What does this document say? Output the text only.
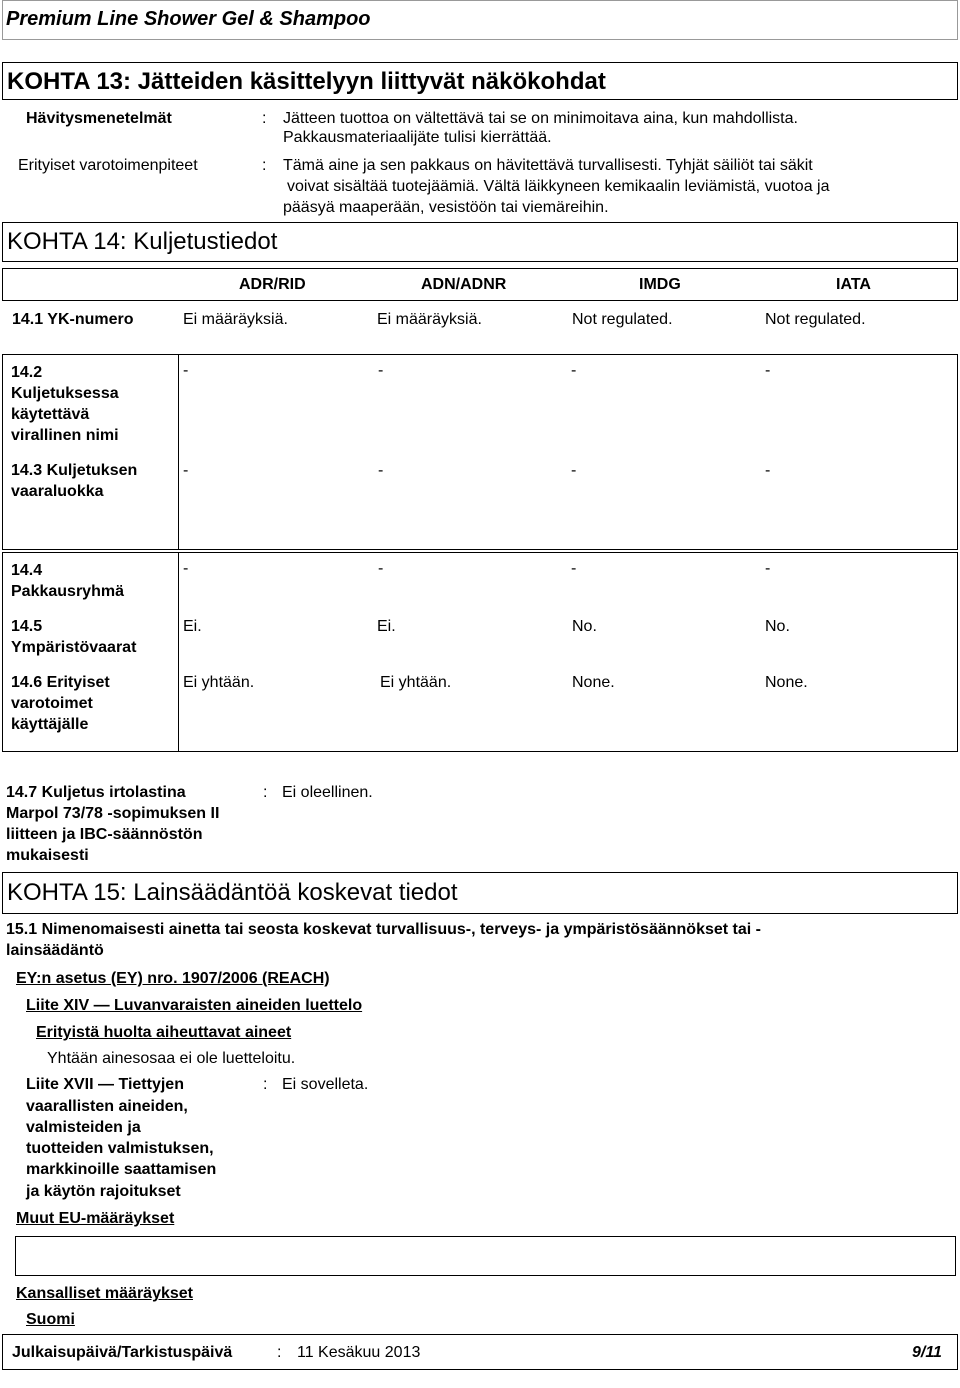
Premium Line Shower Gel & Shampoo
KOHTA 13: Jätteiden käsittelyyn liittyvät näkökohdat
Hävitysmenetelmät	: Jätteen tuottoa on vältettävä tai se on minimoitava aina, kun mahdollista.
Pakkausmateriaalijäte tulisi kierrättää.
Erityiset varotoimenpiteet	: Tämä aine ja sen pakkaus on hävitettävä turvallisesti. Tyhjät säiliöt tai säkit
voivat sisältää tuotejäämiä. Vältä läikkyneen kemikaalin leviämistä, vuotoa ja
pääsyä maaperään, vesistöön tai viemäreihin.
KOHTA 14: Kuljetustiedot
ADR/RID	ADN/ADNR	IMDG	IATA
14.1 YK-numero	Ei määräyksiä.	Ei määräyksiä.	Not regulated.	Not regulated.
14.2
Kuljetuksessa
käytettävä
virallinen nimi
-	-	-	-
14.3 Kuljetuksen
vaaraluokka
-	-	-	-
14.4
Pakkausryhmä
-	-	-	-
14.5
Ympäristövaarat
Ei.	Ei.	No.	No.
14.6 Erityiset
varotoimet
käyttäjälle
Ei yhtään.	Ei yhtään.	None.	None.
14.7 Kuljetus irtolastina
Marpol 73/78 -sopimuksen II
liitteen ja IBC-säännöstön
mukaisesti
: Ei oleellinen.
KOHTA 15: Lainsäädäntöä koskevat tiedot
15.1 Nimenomaisesti ainetta tai seosta koskevat turvallisuus-, terveys- ja ympäristösäännökset tai -
lainsäädäntö
EY:n asetus (EY) nro. 1907/2006 (REACH)
Liite XIV — Luvanvaraisten aineiden luettelo
Erityistä huolta aiheuttavat aineet
Yhtään ainesosaa ei ole luetteloitu.
Liite XVII — Tiettyjen
vaarallisten aineiden,
valmisteiden ja
tuotteiden valmistuksen,
markkinoille saattamisen
ja käytön rajoitukset
: Ei sovelleta.
Muut EU-määräykset
Kansalliset määräykset
Suomi
Julkaisupäivä/Tarkistuspäivä	: 11 Kesäkuu 2013	9/11
